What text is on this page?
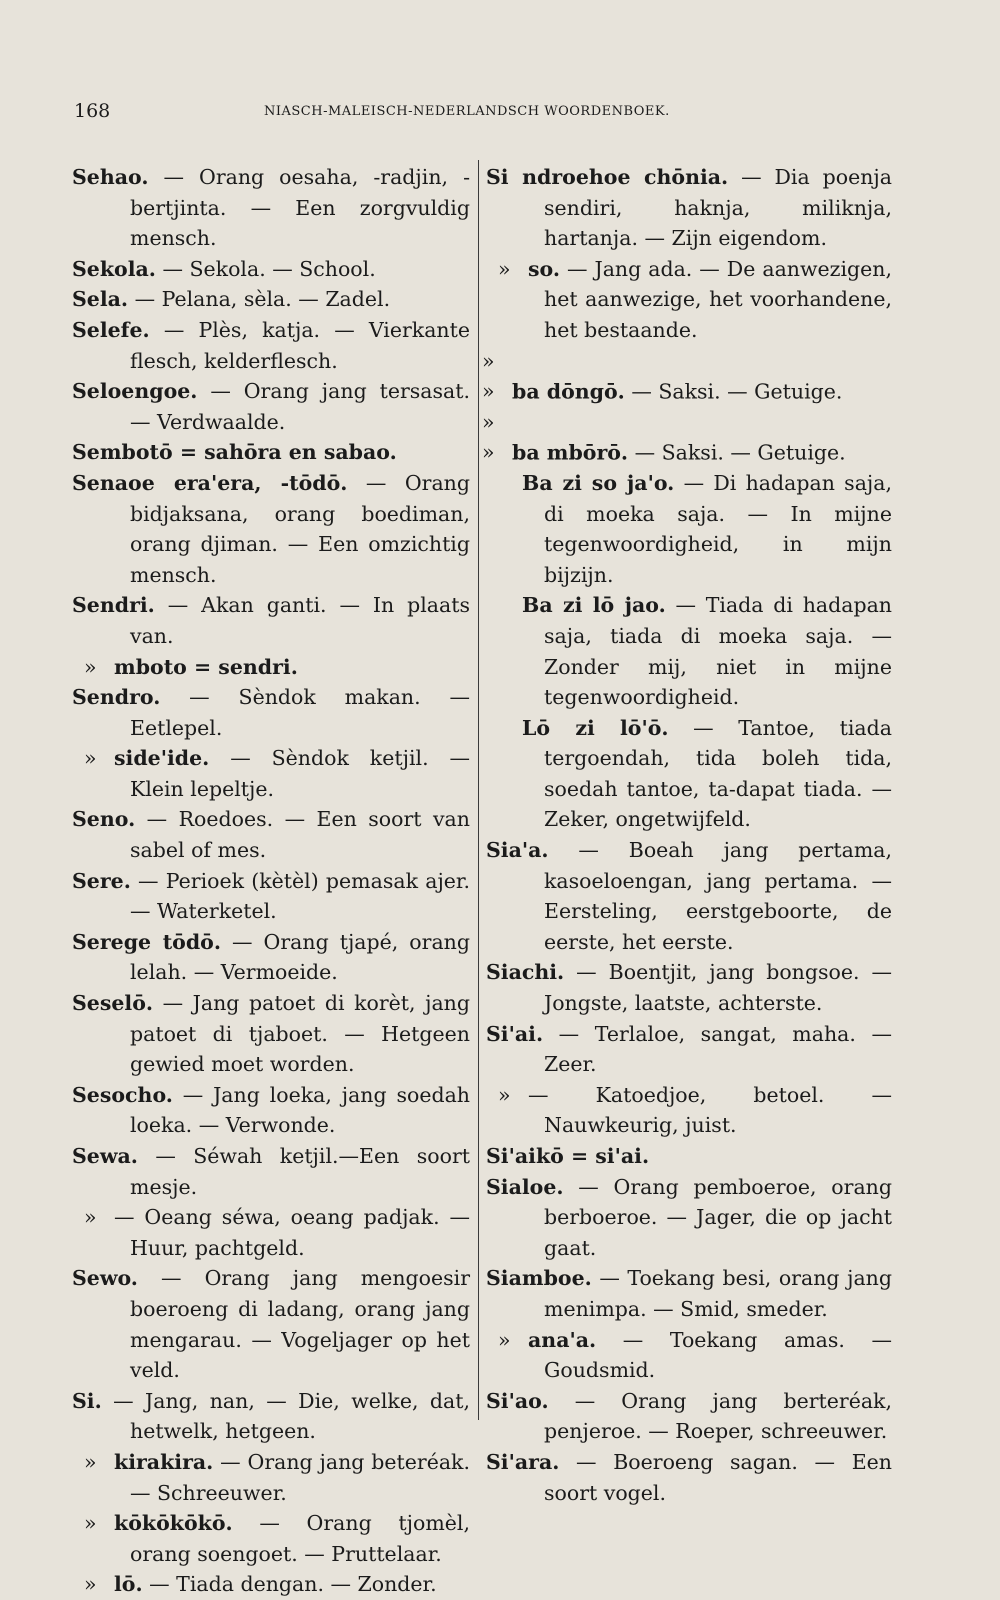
168	NIASCH-MALEISCH-NEDERLANDSCH WOORDENBOEK.
Sehao. — Orang oesaha, -radjin, -bertjinta. — Een zorgvuldig mensch.
Sekola. — Sekola. — School.
Sela. — Pelana, sèla. — Zadel.
Selefe. — Plès, katja. — Vierkante flesch, kelderflesch.
Seloengoe. — Orang jang tersasat. — Verdwaalde.
Sembotō = sahōra en sabao.
Senaoe era'era, -tōdō. — Orang bidjaksana, orang boediman, orang djiman. — Een omzichtig mensch.
Sendri. — Akan ganti. — In plaats van.
» mboto = sendri.
Sendro. — Sèndok makan. — Eetlepel.
» side'ide. — Sèndok ketjil. — Klein lepeltje.
Seno. — Roedoes. — Een soort van sabel of mes.
Sere. — Perioek (kètèl) pemasak ajer. — Waterketel.
Serege tōdō. — Orang tjapé, orang lelah. — Vermoeide.
Seselō. — Jang patoet di korèt, jang patoet di tjaboet. — Hetgeen gewied moet worden.
Sesocho. — Jang loeka, jang soedah loeka. — Verwonde.
Sewa. — Séwah ketjil.—Een soort mesje.
» — Oeang séwa, oeang padjak. — Huur, pachtgeld.
Sewo. — Orang jang mengoesir boeroeng di ladang, orang jang mengarau. — Vogeljager op het veld.
Si. — Jang, nan, — Die, welke, dat, hetwelk, hetgeen.
» kirakira. — Orang jang beteréak. — Schreeuwer.
» kōkōkōkō. — Orang tjomèl, orang soengoet. — Pruttelaar.
» lō. — Tiada dengan. — Zonder.
Si ndroehoe chōnia. — Dia poenja sendiri, haknja, miliknja, hartanja. — Zijn eigendom.
» so. — Jang ada. — De aanwezigen, het aanwezige, het voorhandene, het bestaande.
» » ba dōngō. — Saksi. — Getuige.
» » ba mbōrō. — Saksi. — Getuige.
Ba zi so ja'o. — Di hadapan saja, di moeka saja. — In mijne tegenwoordigheid, in mijn bijzijn.
Ba zi lō jao. — Tiada di hadapan saja, tiada di moeka saja. — Zonder mij, niet in mijne tegenwoordigheid.
Lō zi lō'ō. — Tantoe, tiada tergoendah, tida boleh tida, soedah tantoe, ta-dapat tiada. — Zeker, ongetwijfeld.
Sia'a. — Boeah jang pertama, kasoeloengan, jang pertama. — Eersteling, eerstgeboorte, de eerste, het eerste.
Siachi. — Boentjit, jang bongsoe. — Jongste, laatste, achterste.
Si'ai. — Terlaloe, sangat, maha. — Zeer.
» — Katoedjoe, betoel. — Nauwkeurig, juist.
Si'aikō = si'ai.
Sialoe. — Orang pemboeroe, orang berboeroe. — Jager, die op jacht gaat.
Siamboe. — Toekang besi, orang jang menimpa. — Smid, smeder.
» ana'a. — Toekang amas. — Goudsmid.
Si'ao. — Orang jang berteréak, penjeroe. — Roeper, schreeuwer.
Si'ara. — Boeroeng sagan. — Een soort vogel.
